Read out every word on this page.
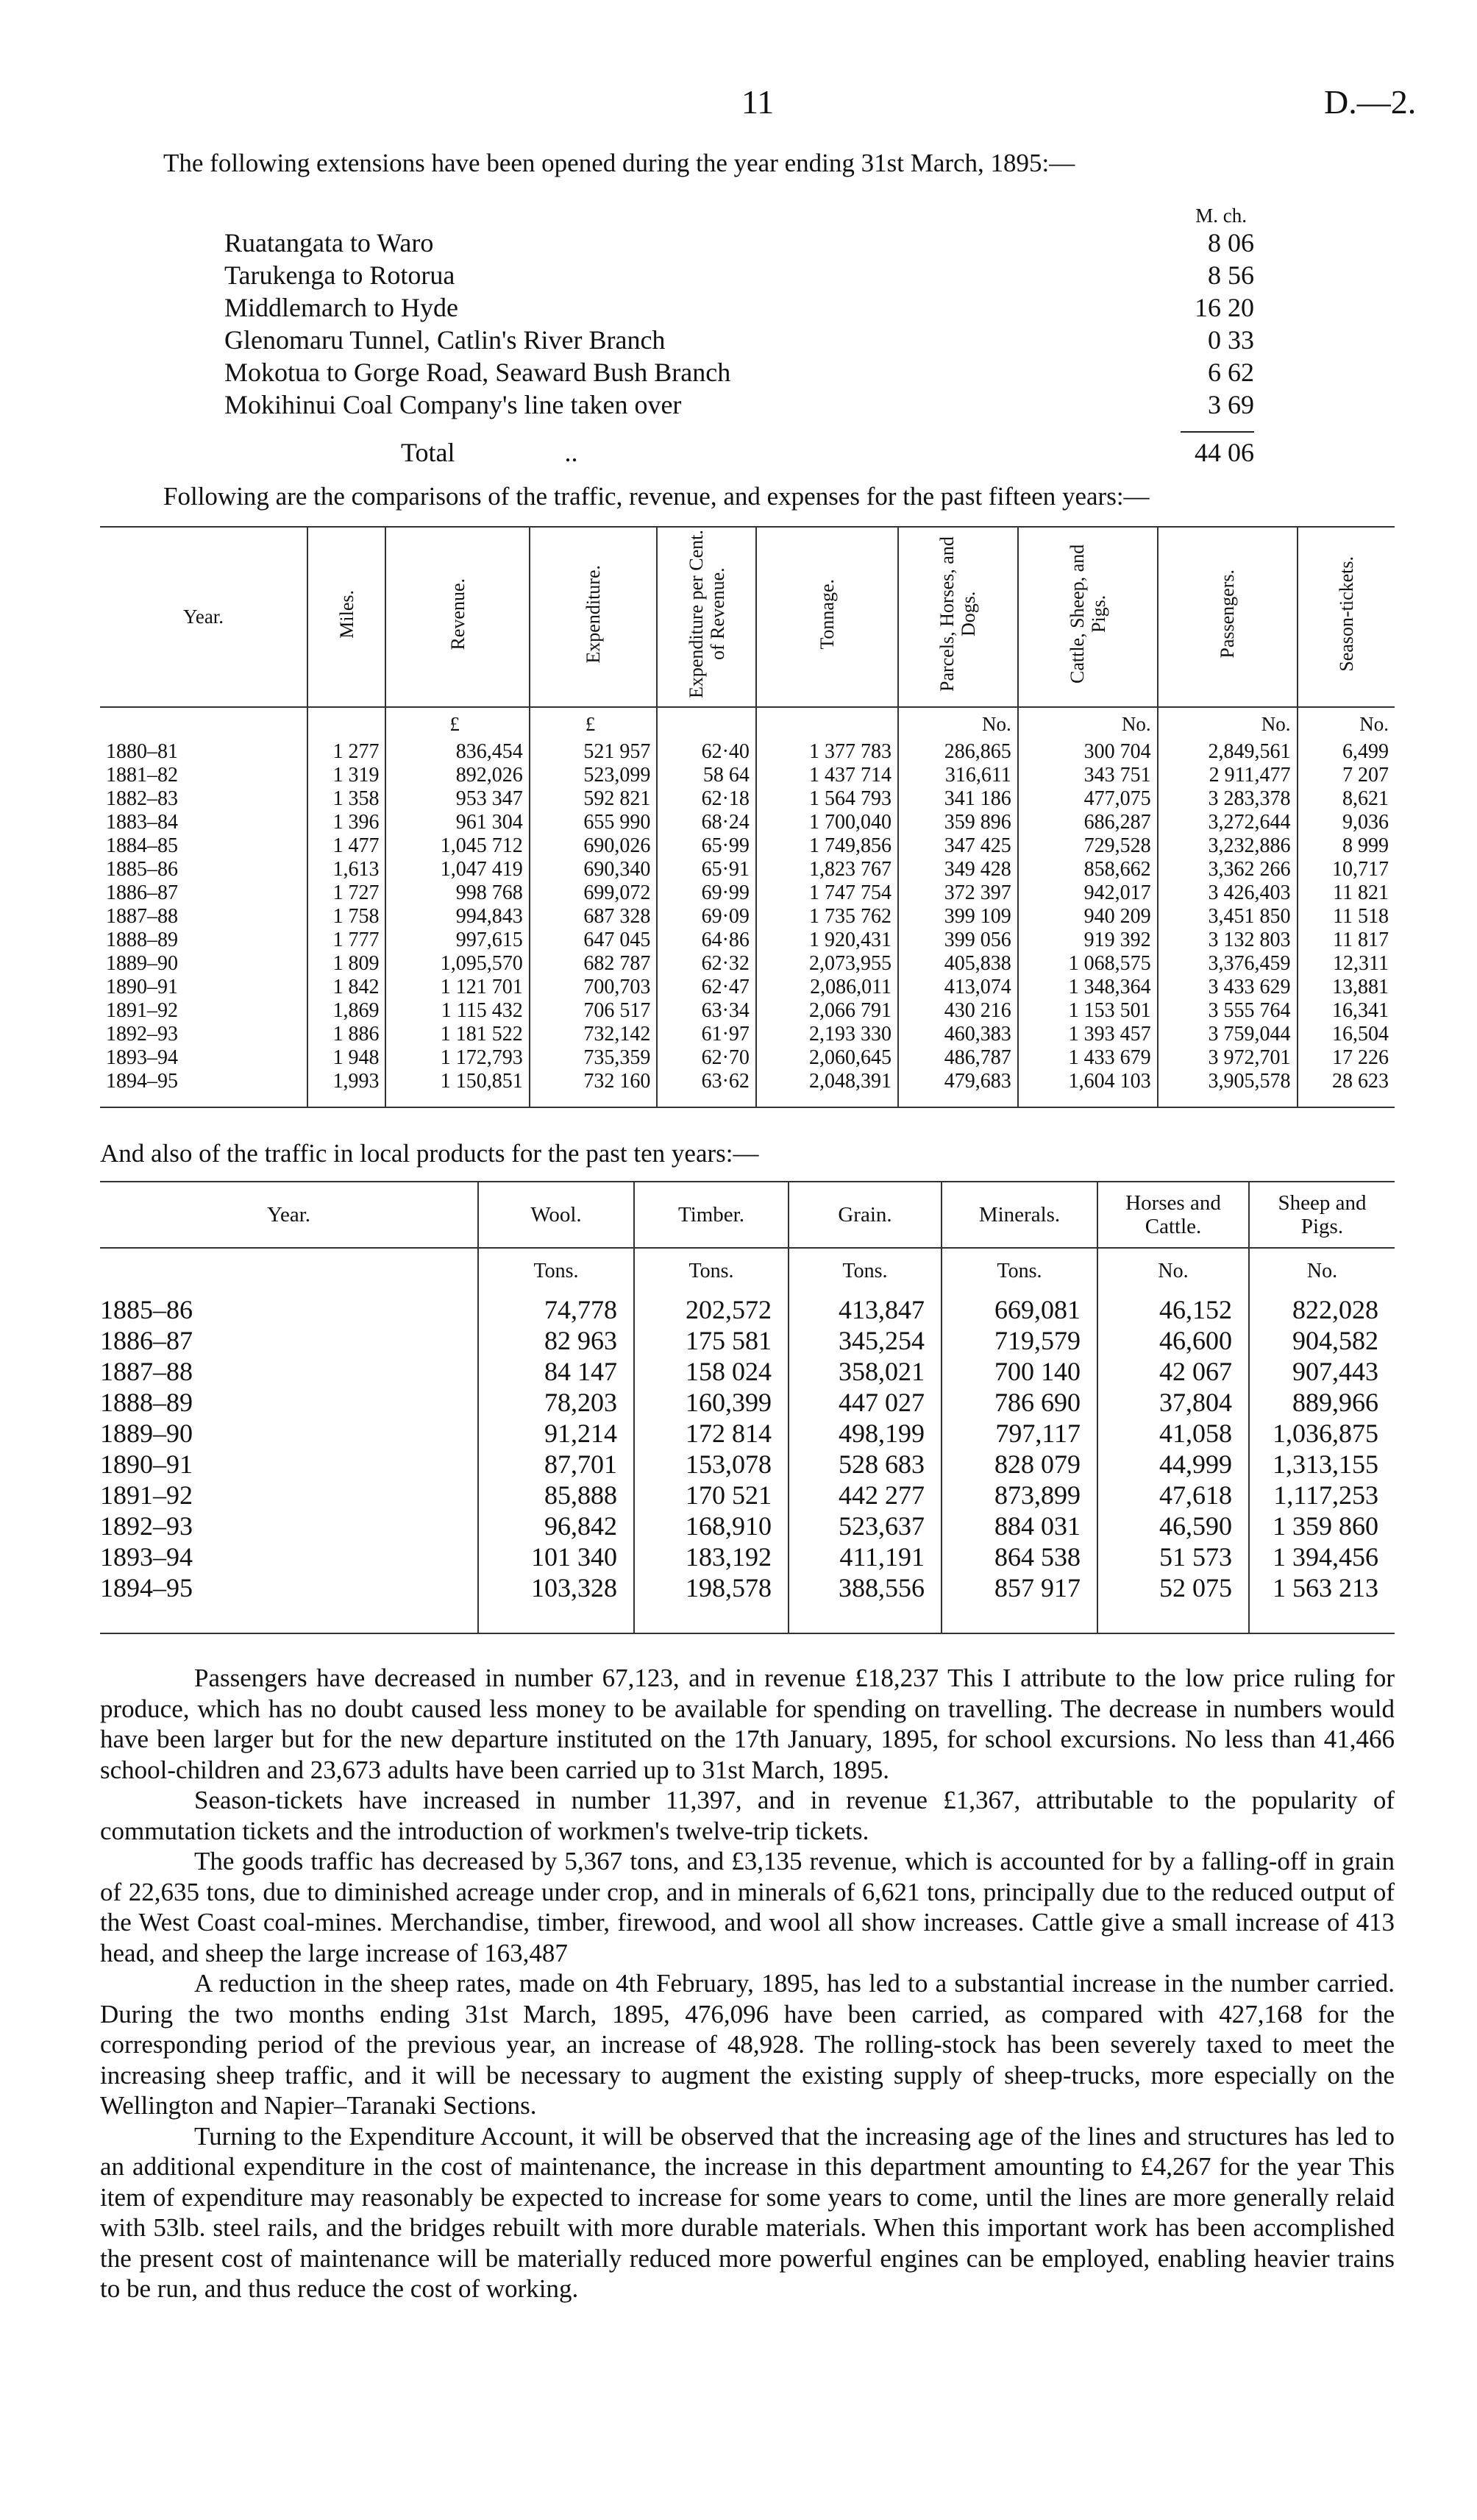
11	D.—2.
The following extensions have been opened during the year ending 31st March, 1895:—
M. ch.
Ruatangata to Waro	8 06
Tarukenga to Rotorua	8 56
Middlemarch to Hyde	16 20
Glenomaru Tunnel, Catlin's River Branch	0 33
Mokotua to Gorge Road, Seaward Bush Branch	6 62
Mokihinui Coal Company's line taken over	3 69
Total	..	44 06
Following are the comparisons of the traffic, revenue, and expenses for the past fifteen years:—
Year.	Miles.	Revenue.	Expenditure.	Expenditure per Cent. of Revenue.	Tonnage.	Parcels, Horses, and Dogs.	Cattle, Sheep, and Pigs.	Passengers.	Season-tickets.
		£	£			No.	No.	No.	No.
1880–81	1 277	836,454	521 957	62·40	1 377 783	286,865	300 704	2,849,561	6,499
1881–82	1 319	892,026	523,099	58 64	1 437 714	316,611	343 751	2 911,477	7 207
1882–83	1 358	953 347	592 821	62·18	1 564 793	341 186	477,075	3 283,378	8,621
1883–84	1 396	961 304	655 990	68·24	1 700,040	359 896	686,287	3,272,644	9,036
1884–85	1 477	1,045 712	690,026	65·99	1 749,856	347 425	729,528	3,232,886	8 999
1885–86	1,613	1,047 419	690,340	65·91	1,823 767	349 428	858,662	3,362 266	10,717
1886–87	1 727	998 768	699,072	69·99	1 747 754	372 397	942,017	3 426,403	11 821
1887–88	1 758	994,843	687 328	69·09	1 735 762	399 109	940 209	3,451 850	11 518
1888–89	1 777	997,615	647 045	64·86	1 920,431	399 056	919 392	3 132 803	11 817
1889–90	1 809	1,095,570	682 787	62·32	2,073,955	405,838	1 068,575	3,376,459	12,311
1890–91	1 842	1 121 701	700,703	62·47	2,086,011	413,074	1 348,364	3 433 629	13,881
1891–92	1,869	1 115 432	706 517	63·34	2,066 791	430 216	1 153 501	3 555 764	16,341
1892–93	1 886	1 181 522	732,142	61·97	2,193 330	460,383	1 393 457	3 759,044	16,504
1893–94	1 948	1 172,793	735,359	62·70	2,060,645	486,787	1 433 679	3 972,701	17 226
1894–95	1,993	1 150,851	732 160	63·62	2,048,391	479,683	1,604 103	3,905,578	28 623

And also of the traffic in local products for the past ten years:—
Year.	Wool.	Timber.	Grain.	Minerals.	Horses and Cattle.	Sheep and Pigs.
	Tons.	Tons.	Tons.	Tons.	No.	No.
1885–86	74,778	202,572	413,847	669,081	46,152	822,028
1886–87	82 963	175 581	345,254	719,579	46,600	904,582
1887–88	84 147	158 024	358,021	700 140	42 067	907,443
1888–89	78,203	160,399	447 027	786 690	37,804	889,966
1889–90	91,214	172 814	498,199	797,117	41,058	1,036,875
1890–91	87,701	153,078	528 683	828 079	44,999	1,313,155
1891–92	85,888	170 521	442 277	873,899	47,618	1,117,253
1892–93	96,842	168,910	523,637	884 031	46,590	1 359 860
1893–94	101 340	183,192	411,191	864 538	51 573	1 394,456
1894–95	103,328	198,578	388,556	857 917	52 075	1 563 213

Passengers have decreased in number 67,123, and in revenue £18,237 This I attribute to the low price ruling for produce, which has no doubt caused less money to be available for spending on travelling. The decrease in numbers would have been larger but for the new departure instituted on the 17th January, 1895, for school excursions. No less than 41,466 school-children and 23,673 adults have been carried up to 31st March, 1895.

Season-tickets have increased in number 11,397, and in revenue £1,367, attributable to the popularity of commutation tickets and the introduction of workmen's twelve-trip tickets.

The goods traffic has decreased by 5,367 tons, and £3,135 revenue, which is accounted for by a falling-off in grain of 22,635 tons, due to diminished acreage under crop, and in minerals of 6,621 tons, principally due to the reduced output of the West Coast coal-mines. Merchandise, timber, firewood, and wool all show increases. Cattle give a small increase of 413 head, and sheep the large increase of 163,487

A reduction in the sheep rates, made on 4th February, 1895, has led to a substantial increase in the number carried. During the two months ending 31st March, 1895, 476,096 have been carried, as compared with 427,168 for the corresponding period of the previous year, an increase of 48,928. The rolling-stock has been severely taxed to meet the increasing sheep traffic, and it will be necessary to augment the existing supply of sheep-trucks, more especially on the Wellington and Napier–Taranaki Sections.

Turning to the Expenditure Account, it will be observed that the increasing age of the lines and structures has led to an additional expenditure in the cost of maintenance, the increase in this department amounting to £4,267 for the year This item of expenditure may reasonably be expected to increase for some years to come, until the lines are more generally relaid with 53lb. steel rails, and the bridges rebuilt with more durable materials. When this important work has been accomplished the present cost of maintenance will be materially reduced more powerful engines can be employed, enabling heavier trains to be run, and thus reduce the cost of working.
